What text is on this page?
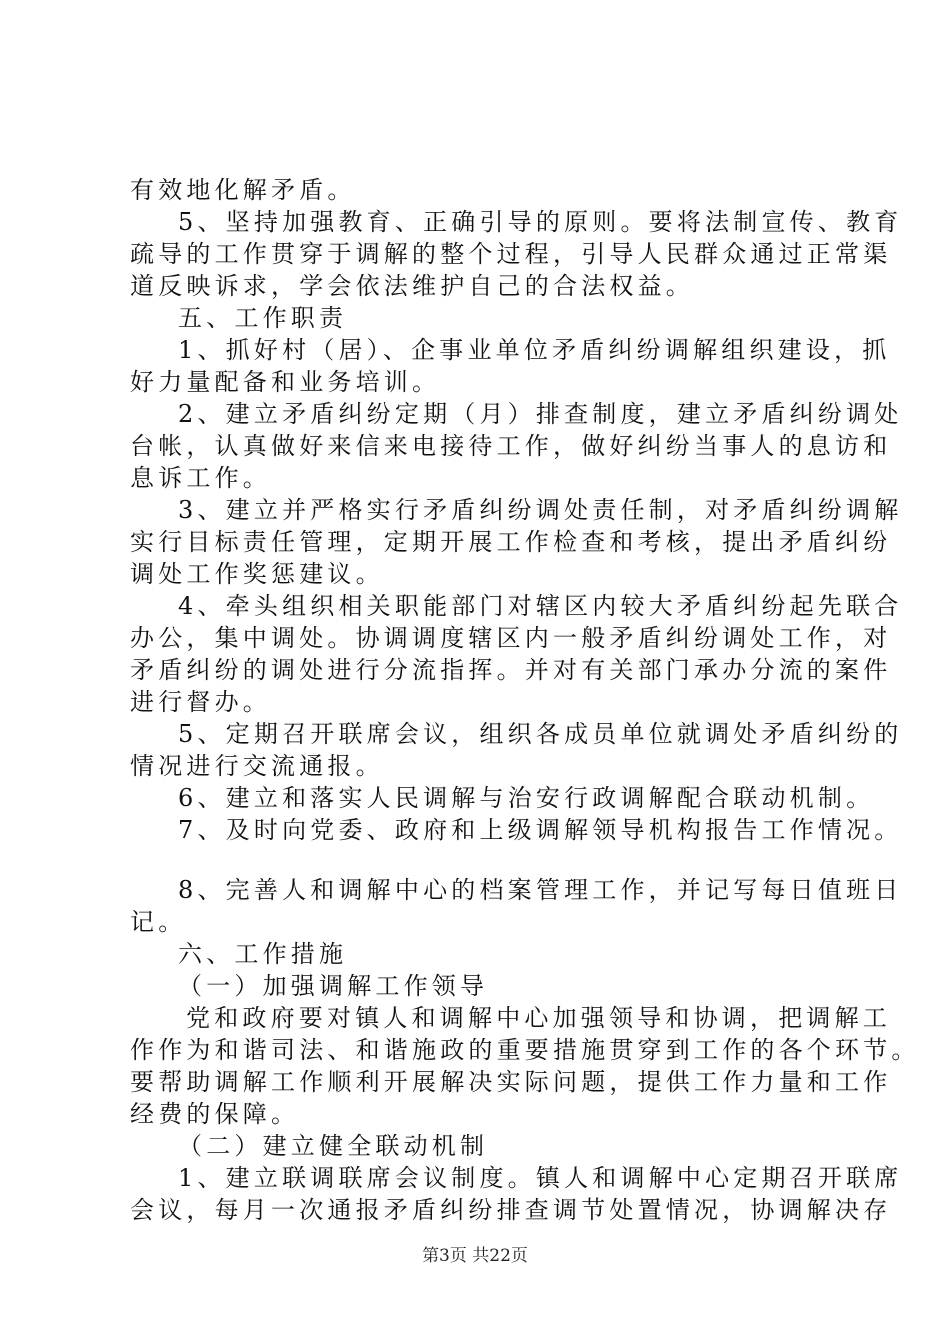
有效地化解矛盾。
5、坚持加强教育、正确引导的原则。要将法制宣传、教育
疏导的工作贯穿于调解的整个过程，引导人民群众通过正常渠
道反映诉求，学会依法维护自己的合法权益。
五、工作职责
1、抓好村（居）、企事业单位矛盾纠纷调解组织建设，抓
好力量配备和业务培训。
2、建立矛盾纠纷定期（月）排查制度，建立矛盾纠纷调处
台帐，认真做好来信来电接待工作，做好纠纷当事人的息访和
息诉工作。
3、建立并严格实行矛盾纠纷调处责任制，对矛盾纠纷调解
实行目标责任管理，定期开展工作检查和考核，提出矛盾纠纷
调处工作奖惩建议。
4、牵头组织相关职能部门对辖区内较大矛盾纠纷起先联合
办公，集中调处。协调调度辖区内一般矛盾纠纷调处工作，对
矛盾纠纷的调处进行分流指挥。并对有关部门承办分流的案件
进行督办。
5、定期召开联席会议，组织各成员单位就调处矛盾纠纷的
情况进行交流通报。
6、建立和落实人民调解与治安行政调解配合联动机制。
7、及时向党委、政府和上级调解领导机构报告工作情况。
8、完善人和调解中心的档案管理工作，并记写每日值班日
记。
六、工作措施
（一）加强调解工作领导
党和政府要对镇人和调解中心加强领导和协调，把调解工
作作为和谐司法、和谐施政的重要措施贯穿到工作的各个环节。
要帮助调解工作顺利开展解决实际问题，提供工作力量和工作
经费的保障。
（二）建立健全联动机制
1、建立联调联席会议制度。镇人和调解中心定期召开联席
会议，每月一次通报矛盾纠纷排查调节处置情况，协调解决存
第3页 共22页
